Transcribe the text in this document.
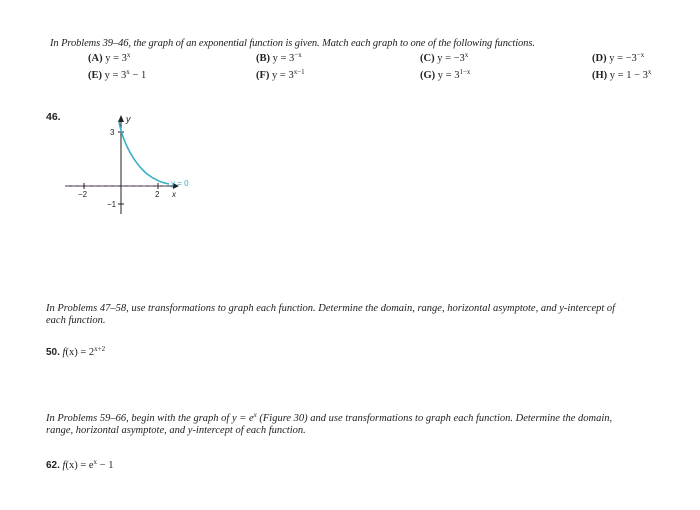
In Problems 39–46, the graph of an exponential function is given. Match each graph to one of the following functions.
(A) $y = 3^x$	(B) $y = 3^{-x}$	(C) $y = -3^x$	(D) $y = -3^{-x}$
(E) $y = 3^x - 1$	(F) $y = 3^{x-1}$	(G) $y = 3^{1-x}$	(H) $y = 1 - 3^x$
46.	y
x
y = 0
3
−1
−2	2
In Problems 47–58, use transformations to graph each function. Determine the domain, range, horizontal asymptote, and y-intercept of
each function.
50. $f(x) = 2^{x+2}$
In Problems 59–66, begin with the graph of $y = e^x$ (Figure 30) and use transformations to graph each function. Determine the domain,
range, horizontal asymptote, and y-intercept of each function.
62. $f(x) = e^x - 1$
